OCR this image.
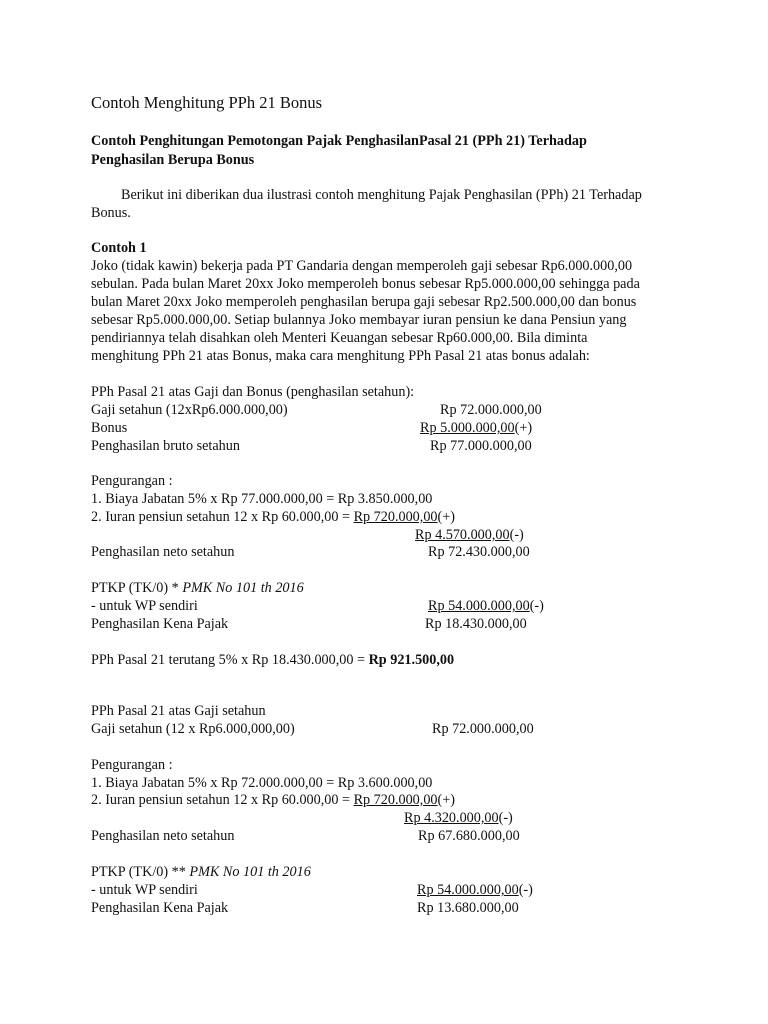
Contoh Menghitung PPh 21 Bonus
Contoh Penghitungan Pemotongan Pajak PenghasilanPasal 21 (PPh 21) Terhadap
Penghasilan Berupa Bonus
Berikut ini diberikan dua ilustrasi contoh menghitung Pajak Penghasilan (PPh) 21 Terhadap
Bonus.
Contoh 1
Joko (tidak kawin) bekerja pada PT Gandaria dengan memperoleh gaji sebesar Rp6.000.000,00
sebulan. Pada bulan Maret 20xx Joko memperoleh bonus sebesar Rp5.000.000,00 sehingga pada
bulan Maret 20xx Joko memperoleh penghasilan berupa gaji sebesar Rp2.500.000,00 dan bonus
sebesar Rp5.000.000,00. Setiap bulannya Joko membayar iuran pensiun ke dana Pensiun yang
pendiriannya telah disahkan oleh Menteri Keuangan sebesar Rp60.000,00. Bila diminta
menghitung PPh 21 atas Bonus, maka cara menghitung PPh Pasal 21 atas bonus adalah:
PPh Pasal 21 atas Gaji dan Bonus (penghasilan setahun):
Gaji setahun (12xRp6.000.000,00)	Rp 72.000.000,00
Bonus	Rp 5.000.000,00(+)
Penghasilan bruto setahun	Rp 77.000.000,00
Pengurangan :
1. Biaya Jabatan 5% x Rp 77.000.000,00 = Rp 3.850.000,00
2. Iuran pensiun setahun 12 x Rp 60.000,00 = Rp 720.000,00(+)
Rp 4.570.000,00(-)
Penghasilan neto setahun	Rp 72.430.000,00
PTKP (TK/0) * PMK No 101 th 2016
- untuk WP sendiri	Rp 54.000.000,00(-)
Penghasilan Kena Pajak	Rp 18.430.000,00
PPh Pasal 21 terutang 5% x Rp 18.430.000,00 = Rp 921.500,00
PPh Pasal 21 atas Gaji setahun
Gaji setahun (12 x Rp6.000,000,00)	Rp 72.000.000,00
Pengurangan :
1. Biaya Jabatan 5% x Rp 72.000.000,00 = Rp 3.600.000,00
2. Iuran pensiun setahun 12 x Rp 60.000,00 = Rp 720.000,00(+)
Rp 4.320.000,00(-)
Penghasilan neto setahun	Rp 67.680.000,00
PTKP (TK/0) ** PMK No 101 th 2016
- untuk WP sendiri	Rp 54.000.000,00(-)
Penghasilan Kena Pajak	Rp 13.680.000,00
